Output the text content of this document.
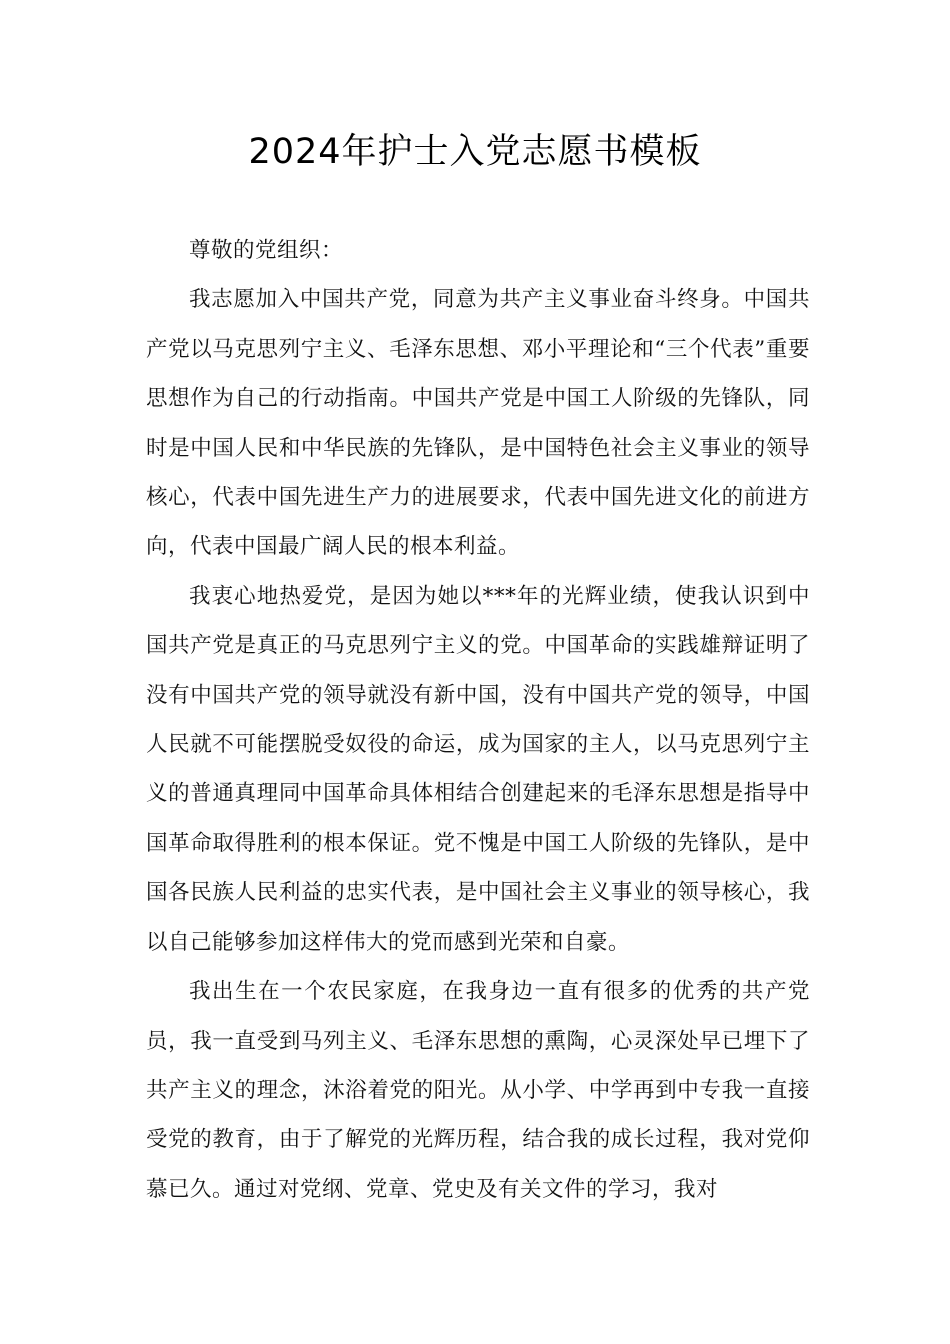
2024年护士入党志愿书模板

尊敬的党组织：

我志愿加入中国共产党，同意为共产主义事业奋斗终身。中国共产党以马克思列宁主义、毛泽东思想、邓小平理论和“三个代表”重要思想作为自己的行动指南。中国共产党是中国工人阶级的先锋队，同时是中国人民和中华民族的先锋队，是中国特色社会主义事业的领导核心，代表中国先进生产力的进展要求，代表中国先进文化的前进方向，代表中国最广阔人民的根本利益。

我衷心地热爱党，是因为她以***年的光辉业绩，使我认识到中国共产党是真正的马克思列宁主义的党。中国革命的实践雄辩证明了没有中国共产党的领导就没有新中国，没有中国共产党的领导，中国人民就不可能摆脱受奴役的命运，成为国家的主人，以马克思列宁主义的普通真理同中国革命具体相结合创建起来的毛泽东思想是指导中国革命取得胜利的根本保证。党不愧是中国工人阶级的先锋队，是中国各民族人民利益的忠实代表，是中国社会主义事业的领导核心，我以自己能够参加这样伟大的党而感到光荣和自豪。

我出生在一个农民家庭，在我身边一直有很多的优秀的共产党员，我一直受到马列主义、毛泽东思想的熏陶，心灵深处早已埋下了共产主义的理念，沐浴着党的阳光。从小学、中学再到中专我一直接受党的教育，由于了解党的光辉历程，结合我的成长过程，我对党仰慕已久。通过对党纲、党章、党史及有关文件的学习，我对
